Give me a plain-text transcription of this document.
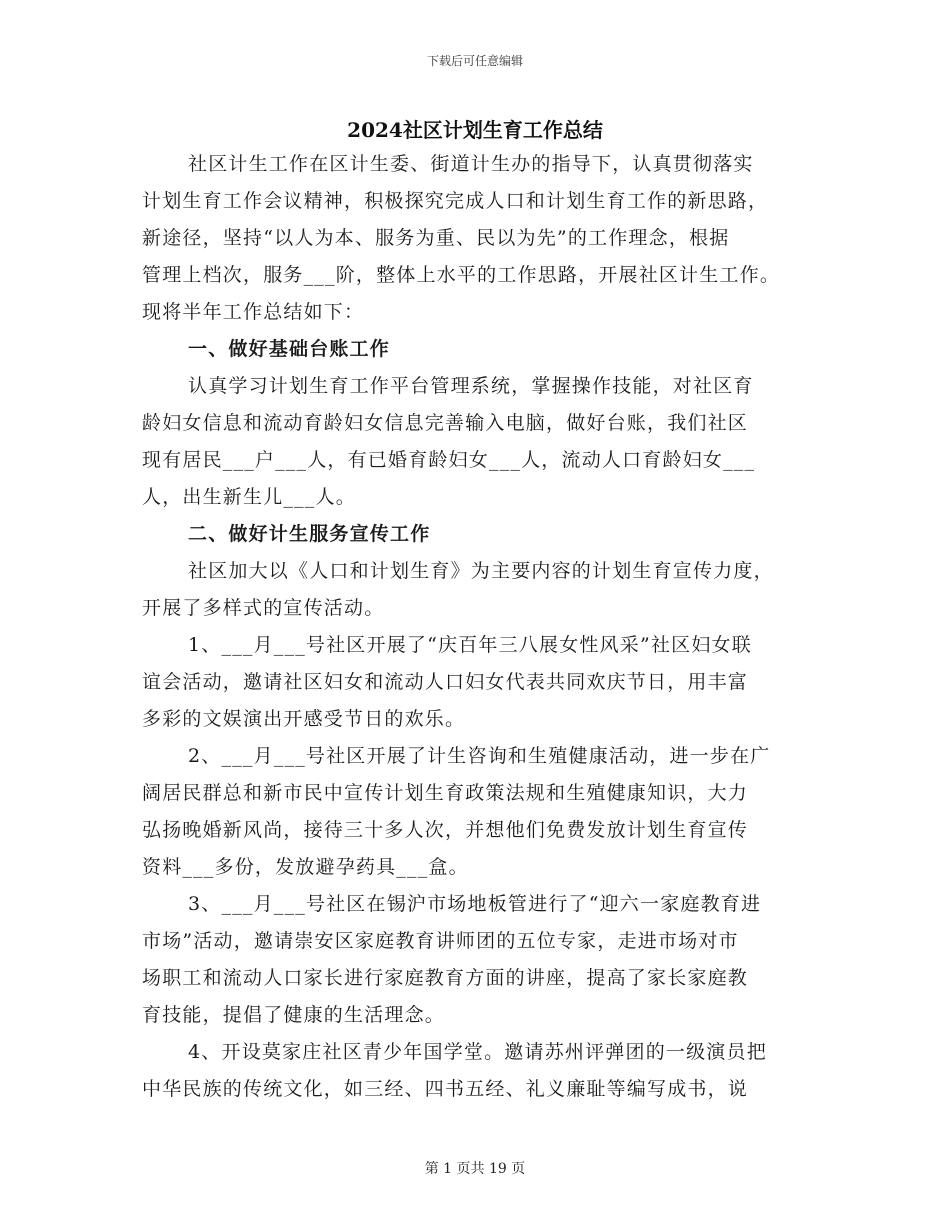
下载后可任意编辑
2024社区计划生育工作总结
社区计生工作在区计生委、街道计生办的指导下，认真贯彻落实
计划生育工作会议精神，积极探究完成人口和计划生育工作的新思路，
新途径，坚持“以人为本、服务为重、民以为先”的工作理念，根据
管理上档次，服务___阶，整体上水平的工作思路，开展社区计生工作。
现将半年工作总结如下：
一、做好基础台账工作
认真学习计划生育工作平台管理系统，掌握操作技能，对社区育
龄妇女信息和流动育龄妇女信息完善输入电脑，做好台账，我们社区
现有居民___户___人，有已婚育龄妇女___人，流动人口育龄妇女___
人，出生新生儿___人。
二、做好计生服务宣传工作
社区加大以《人口和计划生育》为主要内容的计划生育宣传力度，
开展了多样式的宣传活动。
1、___月___号社区开展了“庆百年三八展女性风采”社区妇女联
谊会活动，邀请社区妇女和流动人口妇女代表共同欢庆节日，用丰富
多彩的文娱演出开感受节日的欢乐。
2、___月___号社区开展了计生咨询和生殖健康活动，进一步在广
阔居民群总和新市民中宣传计划生育政策法规和生殖健康知识，大力
弘扬晚婚新风尚，接待三十多人次，并想他们免费发放计划生育宣传
资料___多份，发放避孕药具___盒。
3、___月___号社区在锡沪市场地板管进行了“迎六一家庭教育进
市场”活动，邀请崇安区家庭教育讲师团的五位专家，走进市场对市
场职工和流动人口家长进行家庭教育方面的讲座，提高了家长家庭教
育技能，提倡了健康的生活理念。
4、开设莫家庄社区青少年国学堂。邀请苏州评弹团的一级演员把
中华民族的传统文化，如三经、四书五经、礼义廉耻等编写成书，说
第 1 页共 19 页
